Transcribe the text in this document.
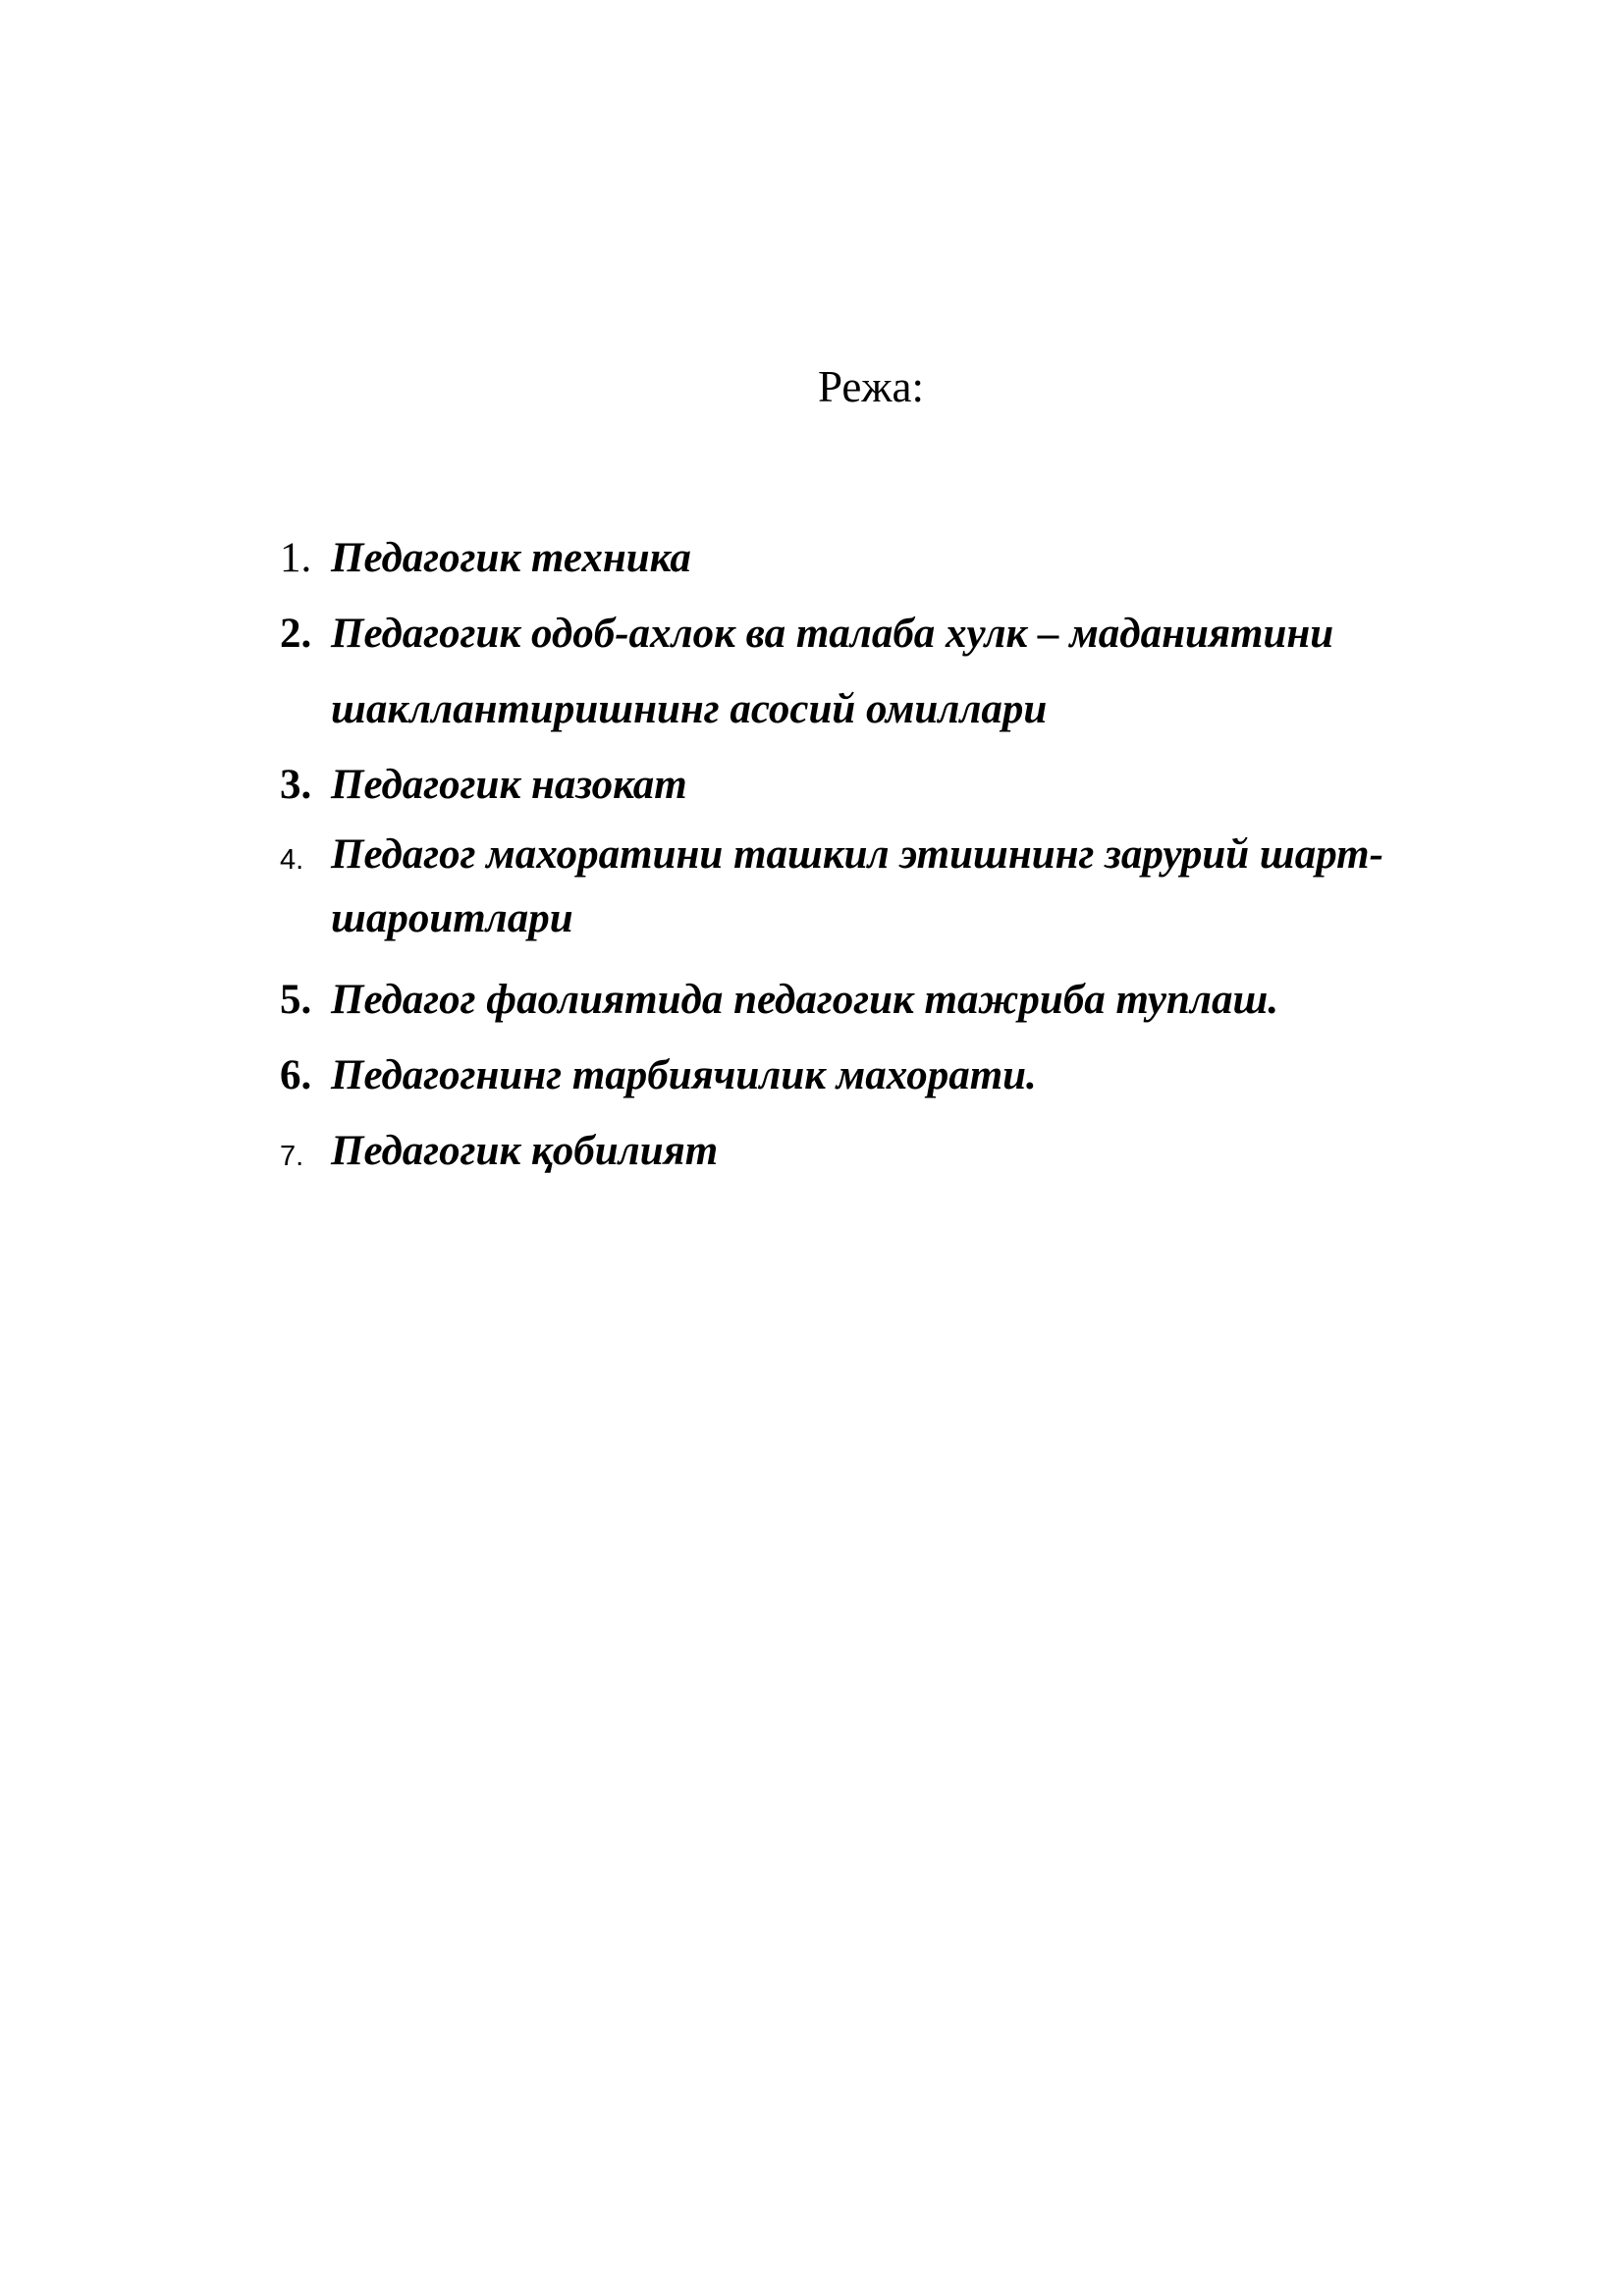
Режа:
1. Педагогик техника
2. Педагогик одоб-ахлок ва талаба хулк – маданиятини шакллантиришнинг асосий омиллари
3. Педагогик назокат
4. Педагог махоратини ташкил этишнинг зарурий шарт-шароитлари
5. Педагог фаолиятида педагогик тажриба туплаш.
6. Педагогнинг тарбиячилик махорати.
7. Педагогик қобилият
